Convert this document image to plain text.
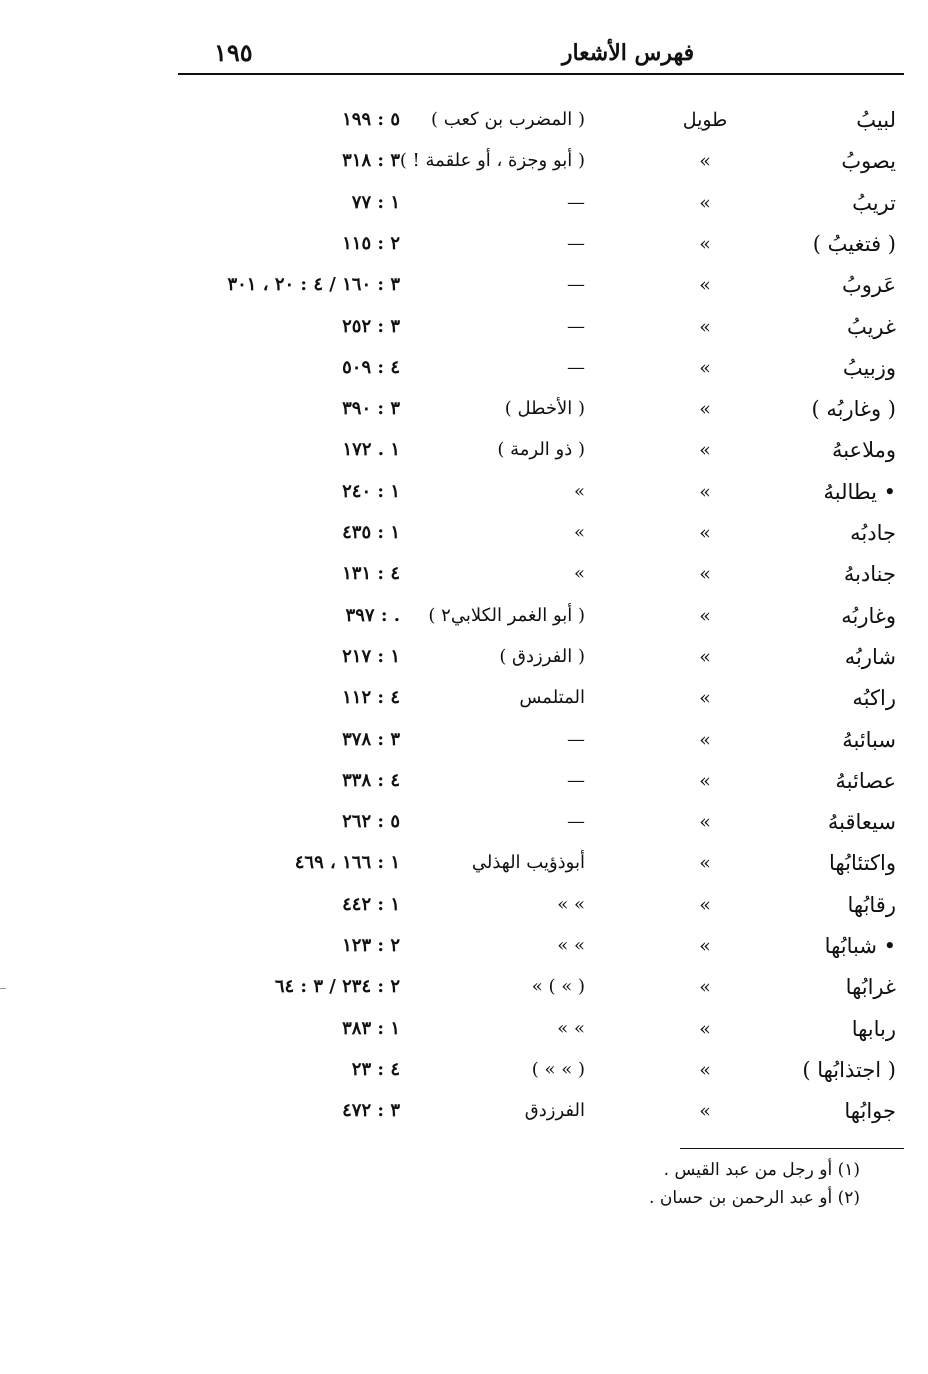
١٩٥	فهرس الأشعار
لبيبُ
طويل
( المضرب بن كعب )
٥ : ١٩٩
يصوبُ
»
( أبو وجزة ، أو علقمة ! )
٣ : ٣١٨
تريبُ
»
—
١ : ٧٧
( فتغيبُ )
»
—
٢ : ١١٥
عَروبُ
»
—
٣ : ١٦٠ / ٤ : ٢٠ ، ٣٠١
غريبُ
»
—
٣ : ٢٥٢
وزبيبُ
»
—
٤ : ٥٠٩
( وغاربُه )
»
( الأخطل )
٣ : ٣٩٠
وملاعبهُ
»
( ذو الرمة )
١ . ١٧٢
• يطالبهُ
»
»
١ : ٢٤٠
جادبُه
»
»
١ : ٤٣٥
جنادبهُ
»
»
٤ : ١٣١
وغاربُه
»
( أبو الغمر الكلابي٢ )
. : ٣٩٧
شاربُه
»
( الفرزدق )
١ : ٢١٧
راكبُه
»
المتلمس
٤ : ١١٢
سبائبهُ
»
—
٣ : ٣٧٨
عصائبهُ
»
—
٤ : ٣٣٨
سيعاقبهُ
»
—
٥ : ٢٦٢
واكتئابُها
»
أبوذؤيب الهذلي
١ : ١٦٦ ، ٤٦٩
رقابُها
»
» »
١ : ٤٤٢
• شبابُها
»
» »
٢ : ١٢٣
غرابُها
»
( » ) »
٢ : ٢٣٤ / ٣ : ٦٤
ربابها
»
» »
١ : ٣٨٣
( اجتذابُها )
»
( » » )
٤ : ٢٣
جوابُها
»
الفرزدق
٣ : ٤٧٢
(١) أو رجل من عبد القيس .
(٢) أو عبد الرحمن بن حسان .
